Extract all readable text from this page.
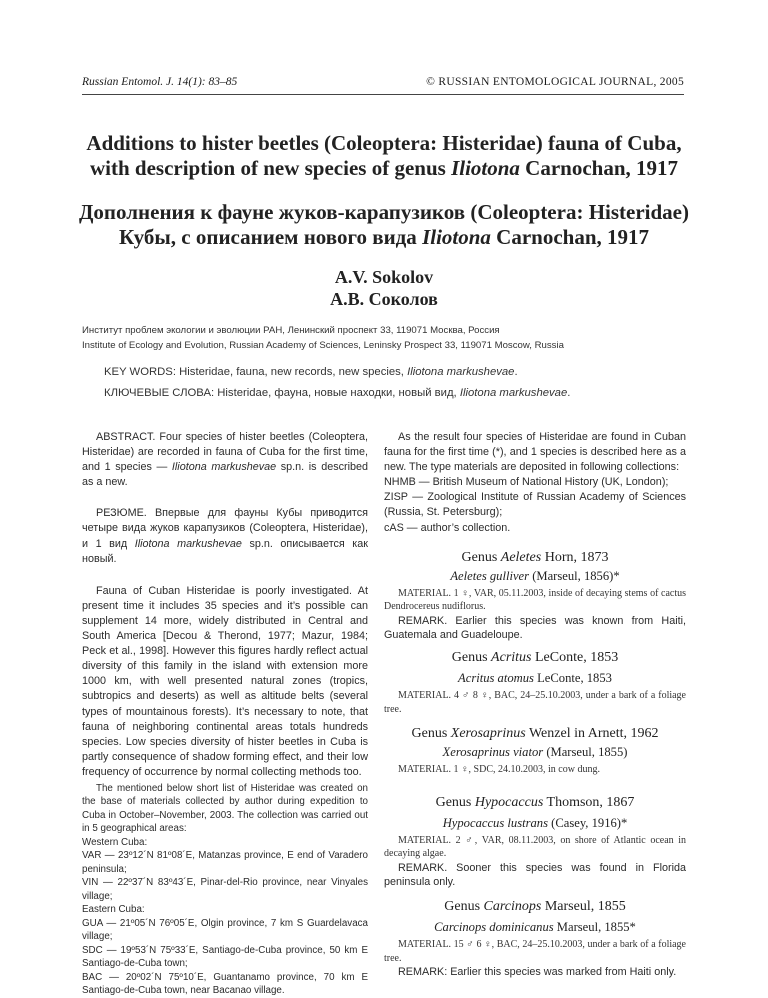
Russian Entomol. J. 14(1): 83–85	© RUSSIAN ENTOMOLOGICAL JOURNAL, 2005
Additions to hister beetles (Coleoptera: Histeridae) fauna of Cuba,
with description of new species of genus Iliotona Carnochan, 1917
Дополнения к фауне жуков-карапузиков (Coleoptera: Histeridae)
Кубы, с описанием нового вида Iliotona Carnochan, 1917
A.V. Sokolov
А.В. Соколов
Институт проблем экологии и эволюции РАН, Ленинский проспект 33, 119071 Москва, Россия
Institute of Ecology and Evolution, Russian Academy of Sciences, Leninsky Prospect 33, 119071 Moscow, Russia
KEY WORDS: Histeridae, fauna, new records, new species, Iliotona markushevae.
КЛЮЧЕВЫЕ СЛОВА: Histeridae, фауна, новые находки, новый вид, Iliotona markushevae.

ABSTRACT. Four species of hister beetles (Coleoptera, Histeridae) are recorded in fauna of Cuba for the first time, and 1 species — Iliotona markushevae sp.n. is described as a new.

РЕЗЮМЕ. Впервые для фауны Кубы приводится четыре вида жуков карапузиков (Coleoptera, Histeridae), и 1 вид Iliotona markushevae sp.n. описывается как новый.

Fauna of Cuban Histeridae is poorly investigated. At present time it includes 35 species and it’s possible can supplement 14 more, widely distributed in Central and South America [Decou & Therond, 1977; Mazur, 1984; Peck et al., 1998]. However this figures hardly reflect actual diversity of this family in the island with extension more 1000 km, with well presented natural zones (tropics, subtropics and deserts) as well as altitude belts (several types of mountainous forests). It’s necessary to note, that fauna of neighboring continental areas totals hundreds species. Low species diversity of hister beetles in Cuba is partly consequence of shadow forming effect, and their low frequency of occurrence by normal collecting methods too.

The mentioned below short list of Histeridae was created on the base of materials collected by author during expedition to Cuba in October–November, 2003. The collection was carried out in 5 geographical areas:

Western Cuba:

VAR — 23º12´N 81º08´E, Matanzas province, E end of Varadero peninsula;

VIN — 22º37´N 83º43´E, Pinar-del-Rio province, near Vinyales village;

Eastern Cuba:

GUA — 21º05´N 76º05´E, Olgin province, 7 km S Guardelavaca village;

SDC — 19º53´N 75º33´E, Santiago-de-Cuba province, 50 km E Santiago-de-Cuba town;

BAC — 20º02´N 75º10´E, Guantanamo province, 70 km E Santiago-de-Cuba town, near Bacanao village.

As the result four species of Histeridae are found in Cuban fauna for the first time (*), and 1 species is described here as a new. The type materials are deposited in following collections:

NHMB — British Museum of National History (UK, London);

ZISP — Zoological Institute of Russian Academy of Sciences (Russia, St. Petersburg);

cAS — author’s collection.

Genus Aeletes Horn, 1873
Aeletes gulliver (Marseul, 1856)*
MATERIAL. 1 ♀, VAR, 05.11.2003, inside of decaying stems of cactus Dendrocereus nudiflorus.
REMARK. Earlier this species was known from Haiti, Guatemala and Guadeloupe.
Genus Acritus LeConte, 1853
Acritus atomus LeConte, 1853
MATERIAL. 4 ♂ 8 ♀, BAC, 24–25.10.2003, under a bark of a foliage tree.
Genus Xerosaprinus Wenzel in Arnett, 1962
Xerosaprinus viator (Marseul, 1855)
MATERIAL. 1 ♀, SDC, 24.10.2003, in cow dung.
Genus Hypocaccus Thomson, 1867
Hypocaccus lustrans (Casey, 1916)*
MATERIAL. 2 ♂, VAR, 08.11.2003, on shore of Atlantic ocean in decaying algae.
REMARK. Sooner this species was found in Florida peninsula only.
Genus Carcinops Marseul, 1855
Carcinops dominicanus Marseul, 1855*
MATERIAL. 15 ♂ 6 ♀, BAC, 24–25.10.2003, under a bark of a foliage tree.
REMARK: Earlier this species was marked from Haiti only.
